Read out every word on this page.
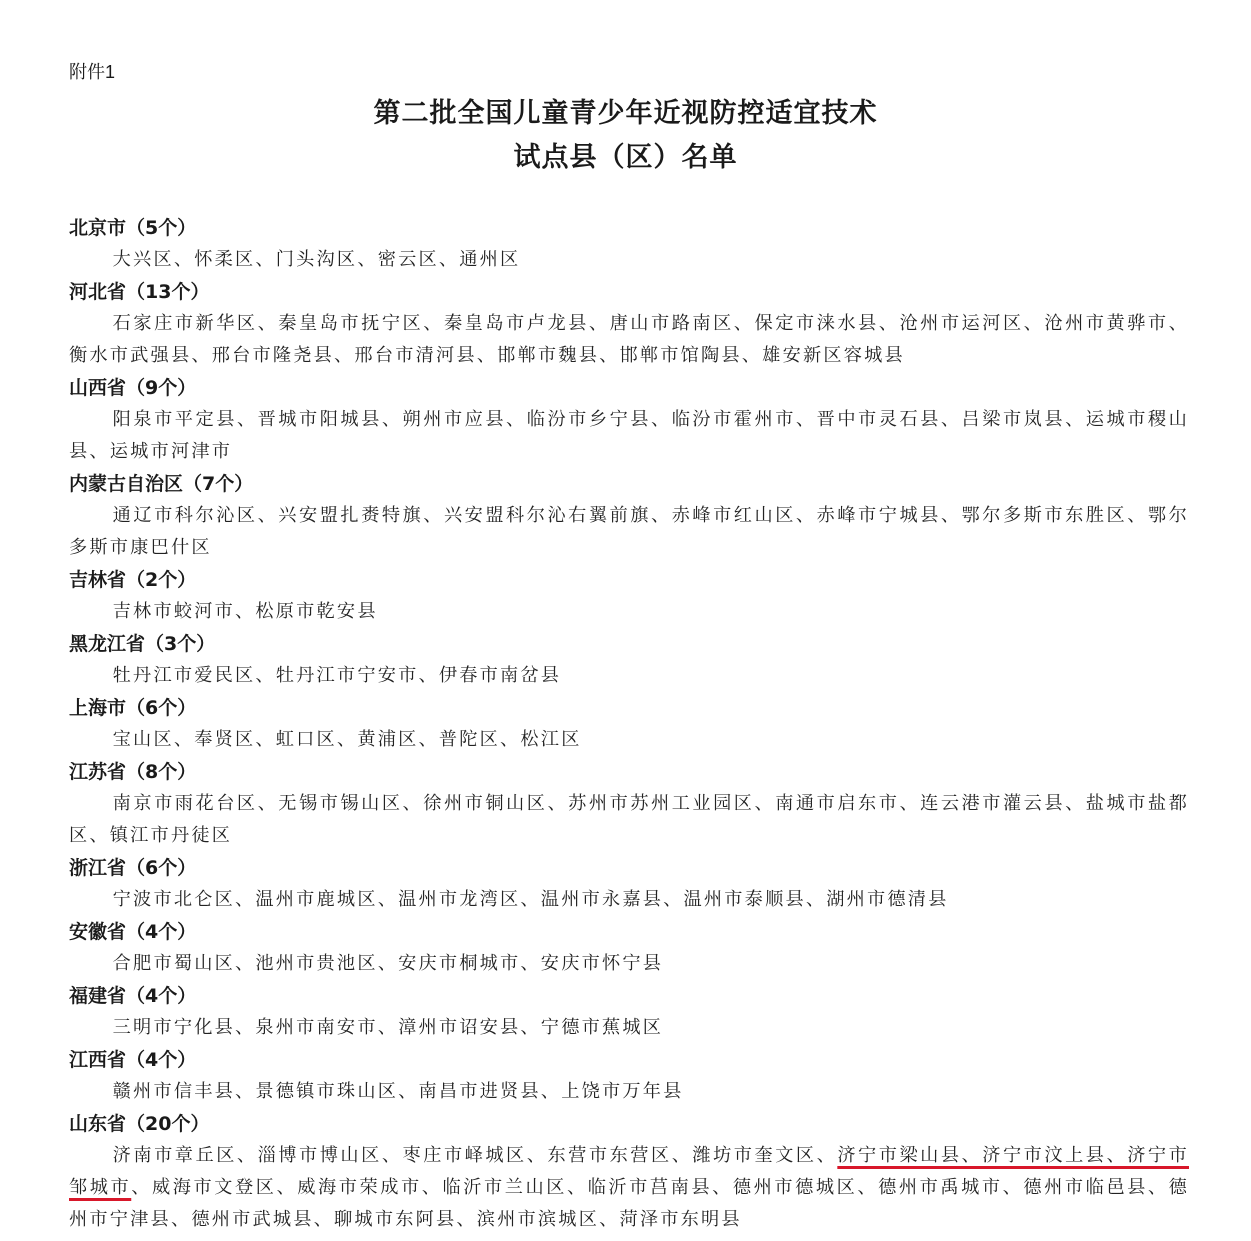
附件1
第二批全国儿童青少年近视防控适宜技术
试点县（区）名单
北京市（5个）

大兴区、怀柔区、门头沟区、密云区、通州区

河北省（13个）

石家庄市新华区、秦皇岛市抚宁区、秦皇岛市卢龙县、唐山市路南区、保定市涞水县、沧州市运河区、沧州市黄骅市、衡水市武强县、邢台市隆尧县、邢台市清河县、邯郸市魏县、邯郸市馆陶县、雄安新区容城县

山西省（9个）

阳泉市平定县、晋城市阳城县、朔州市应县、临汾市乡宁县、临汾市霍州市、晋中市灵石县、吕梁市岚县、运城市稷山县、运城市河津市

内蒙古自治区（7个）

通辽市科尔沁区、兴安盟扎赉特旗、兴安盟科尔沁右翼前旗、赤峰市红山区、赤峰市宁城县、鄂尔多斯市东胜区、鄂尔多斯市康巴什区

吉林省（2个）

吉林市蛟河市、松原市乾安县

黑龙江省（3个）

牡丹江市爱民区、牡丹江市宁安市、伊春市南岔县

上海市（6个）

宝山区、奉贤区、虹口区、黄浦区、普陀区、松江区

江苏省（8个）

南京市雨花台区、无锡市锡山区、徐州市铜山区、苏州市苏州工业园区、南通市启东市、连云港市灌云县、盐城市盐都区、镇江市丹徒区

浙江省（6个）

宁波市北仑区、温州市鹿城区、温州市龙湾区、温州市永嘉县、温州市泰顺县、湖州市德清县

安徽省（4个）

合肥市蜀山区、池州市贵池区、安庆市桐城市、安庆市怀宁县

福建省（4个）

三明市宁化县、泉州市南安市、漳州市诏安县、宁德市蕉城区

江西省（4个）

赣州市信丰县、景德镇市珠山区、南昌市进贤县、上饶市万年县

山东省（20个）

济南市章丘区、淄博市博山区、枣庄市峄城区、东营市东营区、潍坊市奎文区、济宁市梁山县、济宁市汶上县、济宁市邹城市、威海市文登区、威海市荣成市、临沂市兰山区、临沂市莒南县、德州市德城区、德州市禹城市、德州市临邑县、德州市宁津县、德州市武城县、聊城市东阿县、滨州市滨城区、菏泽市东明县
